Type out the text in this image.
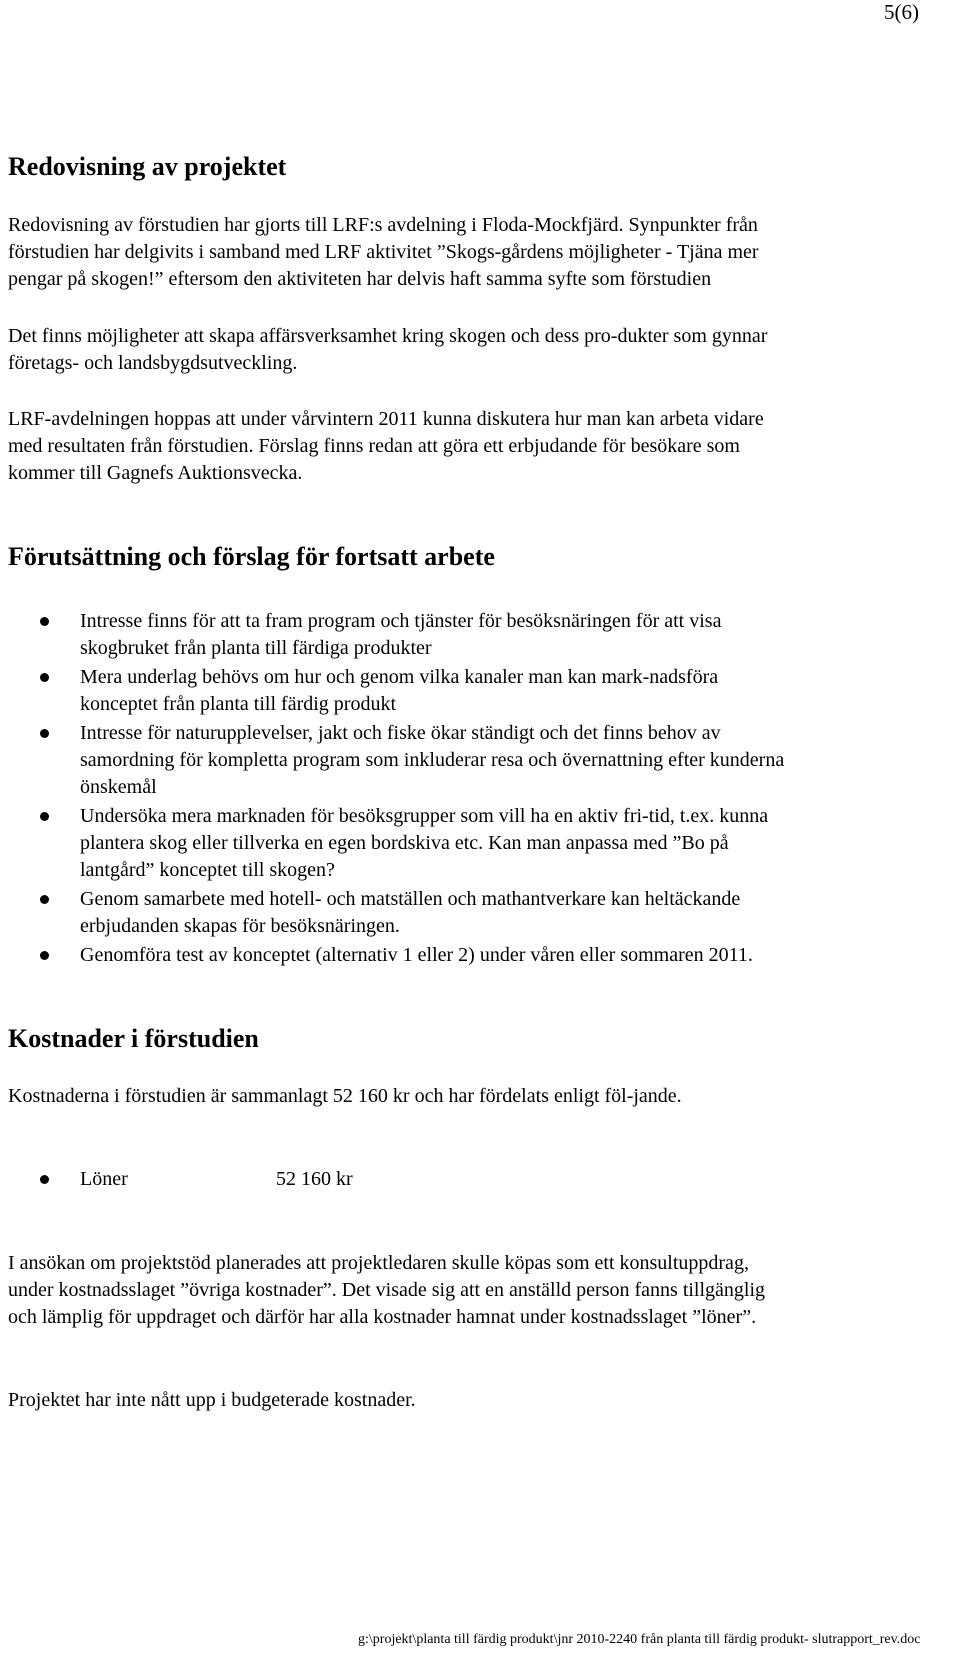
5(6)
Redovisning av projektet

Redovisning av förstudien har gjorts till LRF:s avdelning i Floda-Mockfjärd. Synpunkter från förstudien har delgivits i samband med LRF aktivitet ”Skogs-gårdens möjligheter - Tjäna mer pengar på skogen!” eftersom den aktiviteten har delvis haft samma syfte som förstudien

Det finns möjligheter att skapa affärsverksamhet kring skogen och dess pro-dukter som gynnar företags- och landsbygdsutveckling.

LRF-avdelningen hoppas att under vårvintern 2011 kunna diskutera hur man kan arbeta vidare med resultaten från förstudien. Förslag finns redan att göra ett erbjudande för besökare som kommer till Gagnefs Auktionsvecka.

Förutsättning och förslag för fortsatt arbete
Intresse finns för att ta fram program och tjänster för besöksnäringen för att visa skogbruket från planta till färdiga produkter
Mera underlag behövs om hur och genom vilka kanaler man kan mark-nadsföra konceptet från planta till färdig produkt
Intresse för naturupplevelser, jakt och fiske ökar ständigt och det finns behov av samordning för kompletta program som inkluderar resa och övernattning efter kunderna önskemål
Undersöka mera marknaden för besöksgrupper som vill ha en aktiv fri-tid, t.ex. kunna plantera skog eller tillverka en egen bordskiva etc. Kan man anpassa med ”Bo på lantgård” konceptet till skogen?
Genom samarbete med hotell- och matställen och mathantverkare kan heltäckande erbjudanden skapas för besöksnäringen.
Genomföra test av konceptet (alternativ 1 eller 2) under våren eller sommaren 2011.
Kostnader i förstudien

Kostnaderna i förstudien är sammanlagt 52 160 kr och har fördelats enligt föl-jande.

Löner	52 160 kr

I ansökan om projektstöd planerades att projektledaren skulle köpas som ett konsultuppdrag, under kostnadsslaget ”övriga kostnader”. Det visade sig att en anställd person fanns tillgänglig och lämplig för uppdraget och därför har alla kostnader hamnat under kostnadsslaget ”löner”.

Projektet har inte nått upp i budgeterade kostnader.

g:\projekt\planta till färdig produkt\jnr 2010-2240 från planta till färdig produkt- slutrapport_rev.doc
